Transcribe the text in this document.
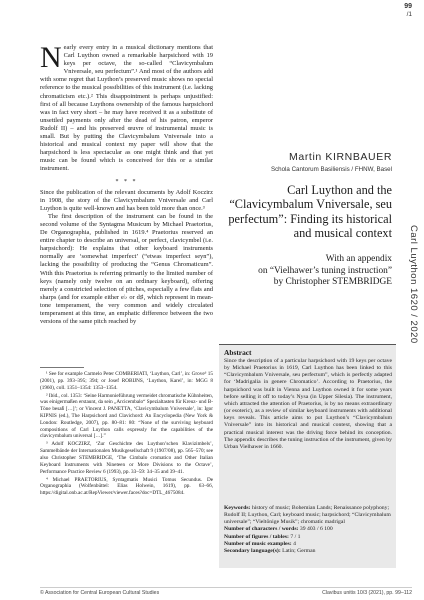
99
/1

Nearly every entry in a musical dictionary mentions that Carl Luython owned a remarkable harpsichord with 19 keys per octave, the so-called “Clavicymbalum Vniversale, seu perfectum”.¹ And most of the authors add with some regret that Luython’s preserved music shows no special reference to the musical possibilities of this instrument (i.e. lacking chromaticism etc.).² This disappointment is perhaps unjustified: first of all because Luythons ownership of the famous harpsichord was in fact very short – he may have received it as a substitute of unsettled payments only after the dead of his patron, emperor Rudolf II) – and his preserved œuvre of instrumental music is small. But by putting the Clavicymbalum Vniversale into a historical and musical context my paper will show that the harpsichord is less spectacular as one might think and that yet music can be found which is conceived for this or a similar instrument.

* * *

Since the publication of the relevant documents by Adolf Koczirz in 1908, the story of the Clavicymbalum Vniversale and Carl Luython is quite well-known and has been told more than once.³

The first description of the instrument can be found in the second volume of the Syntagma Musicum by Michael Praetorius, De Organographia, published in 1619.⁴ Praetorius reserved an entire chapter to describe an universal, or perfect, clavicymbel (i.e. harpsichord): He explains that other keyboard instruments normally are ‘somewhat imperfect’ (“etwas imperfect seyn”), lacking the possibility of producing the “Genus Chromaticum”. With this Praetorius is referring primarily to the limited number of keys (namely only twelve on an ordinary keyboard), offering merely a constricted selection of pitches, especially a few flats and sharps (and for example either e♭ or d♯, which represent in mean-tone temperament, the very common and widely circulated temperament at this time, an emphatic difference between the two versions of the same pitch reached by

¹ See for example Carmelo Peter COMBERIATI, ‘Luython, Carl’, in: Grove⁶ 15 (2001), pp. 393–395; 394; or Josef ROBIJNS, ‘Luython, Karel’, in: MGG 8 (1960), coll. 1351–1354: 1353–1354.

² Ibid., col. 1353: ‘Seine Harmonieführung vermeidet chromatische Kühnheiten, was einigermaßen erstaunt, da sein „Arcicembalo“ Spezialtasten für Kreuz- und B-Töne besaß […]’; or Vincent J. PANETTA, ‘Clavicymbalum Vniversale’, in: Igor KIPNIS (ed.), The Harpsichord and Clavichord: An Encyclopedia (New York & London: Routledge, 2007), pp. 80–81: 80: “None of the surviving keyboard compositions of Carl Luython calls expressly for the capabilities of the clavicymbalum universal […].”

³ Adolf KOCZIRZ, ‘Zur Geschichte des Luython’schen Klavizimbels’, Sammelbände der Internationalen Musikgesellschaft 9 (1907/08), pp. 565–570; see also Christopher STEMBRIDGE, ‘The Cimbalo cromatico and Other Italian Keyboard Instruments with Nineteen or More Divisions to the Octave’, Performance Practice Review 6 (1993), pp. 33–59: 34–35 and 39–41.

⁴ Michael PRAETORIUS, Syntagmatis Musici Tomus Secundus. De Organographia (Wolfenbüttel: Elias Holwein, 1619), pp. 63–66, https://digital.onb.ac.at/RepViewer/viewer.faces?doc=DTL_4675084.

Martin KIRNBAUER
Schola Cantorum Basiliensis / FHNW, Basel
Carl Luython and the “Clavicymbalum Vniversale, seu perfectum”: Finding its historical and musical context
With an appendix
on “Vielhawer’s tuning instruction”
by Christopher STEMBRIDGE	Carl Luython 1620 / 2020
Abstract
Since the description of a particular harpsichord with 19 keys per octave by Michael Praetorius in 1619, Carl Luython has been linked to this “Clavicymbalum Vniversale, seu perfectum”, which is perfectly adapted for ‘Madrigalia in genere Chromatico’. According to Praetorius, the harpsichord was built in Vienna and Luython owned it for some years before selling it off to today’s Nysa (in Upper Silesia). The instrument, which attracted the attention of Praetorius, is by no means extraordinary (or esoteric), as a review of similar keyboard instruments with additional keys reveals. This article aims to put Luython’s “Clavicymbalum Vniversale” into its historical and musical context, showing that a practical musical interest was the driving force behind its conception. The appendix describes the tuning instruction of the instrument, given by Urban Vielhawer in 1660.

Keywords: history of music; Bohemian Lands; Renaissance polyphony; Rudolf II; Luython, Carl; keyboard music; harpsichord; “Clavicymbalum universale”; “Vieltönige Musik”; chromatic madrigal

Number of characters / words: 39 403 / 6 100

Number of figures / tables: 7 / 1

Number of music examples: 4

Secondary language(s): Latin; German

© Association for Central European Cultural Studies	Clavibus unitis 10/3 (2021), pp. 99–112
